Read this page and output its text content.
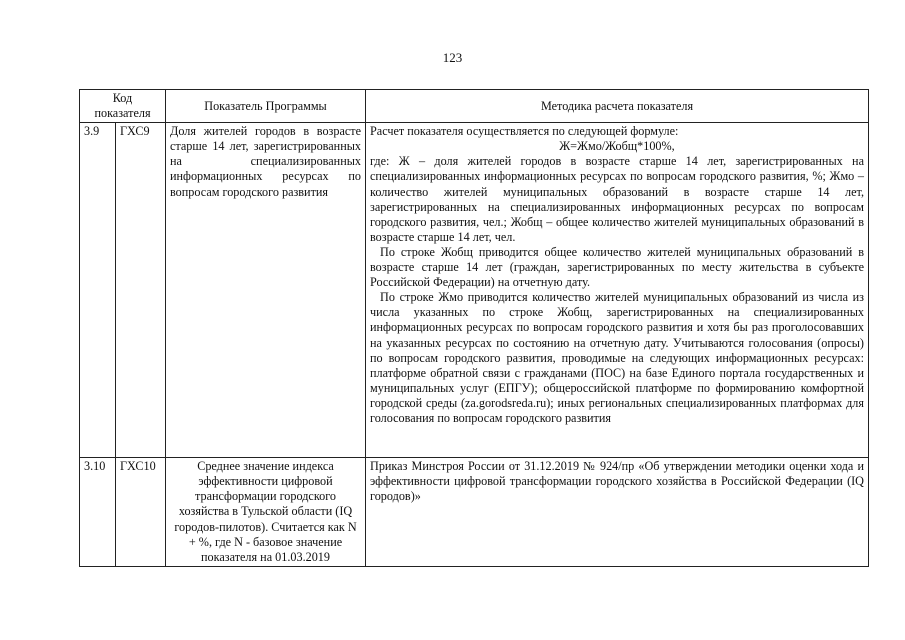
123
Код показателя		Показатель Программы	Методика расчета показателя
3.9	ГХС9	Доля жителей городов в возрасте старше 14 лет, зарегистрированных на специализированных информационных ресурсах по вопросам городского развития	Расчет показателя осуществляется по следующей формуле:
Ж=Жмо/Жобщ*100%,
где: Ж – доля жителей городов в возрасте старше 14 лет, зарегистрированных на специализированных информационных ресурсах по вопросам городского развития, %; Жмо – количество жителей муниципальных образований в возрасте старше 14 лет, зарегистрированных на специализированных информационных ресурсах по вопросам городского развития, чел.; Жобщ – общее количество жителей муниципальных образований в возрасте старше 14 лет, чел.
По строке Жобщ приводится общее количество жителей муниципальных образований в возрасте старше 14 лет (граждан, зарегистрированных по месту жительства в субъекте Российской Федерации) на отчетную дату.
По строке Жмо приводится количество жителей муниципальных образований из числа из числа указанных по строке Жобщ, зарегистрированных на специализированных информационных ресурсах по вопросам городского развития и хотя бы раз проголосовавших на указанных ресурсах по состоянию на отчетную дату. Учитываются голосования (опросы) по вопросам городского развития, проводимые на следующих информационных ресурсах: платформе обратной связи с гражданами (ПОС) на базе Единого портала государственных и муниципальных услуг (ЕПГУ); общероссийской платформе по формированию комфортной городской среды (za.gorodsreda.ru); иных региональных специализированных платформах для голосования по вопросам городского развития

3.10	ГХС10	Среднее значение индекса эффективности цифровой трансформации городского хозяйства в Тульской области (IQ городов-пилотов). Считается как N + %, где N - базовое значение показателя на 01.03.2019	Приказ Минстроя России от 31.12.2019 № 924/пр «Об утверждении методики оценки хода и эффективности цифровой трансформации городского хозяйства в Российской Федерации (IQ городов)»
